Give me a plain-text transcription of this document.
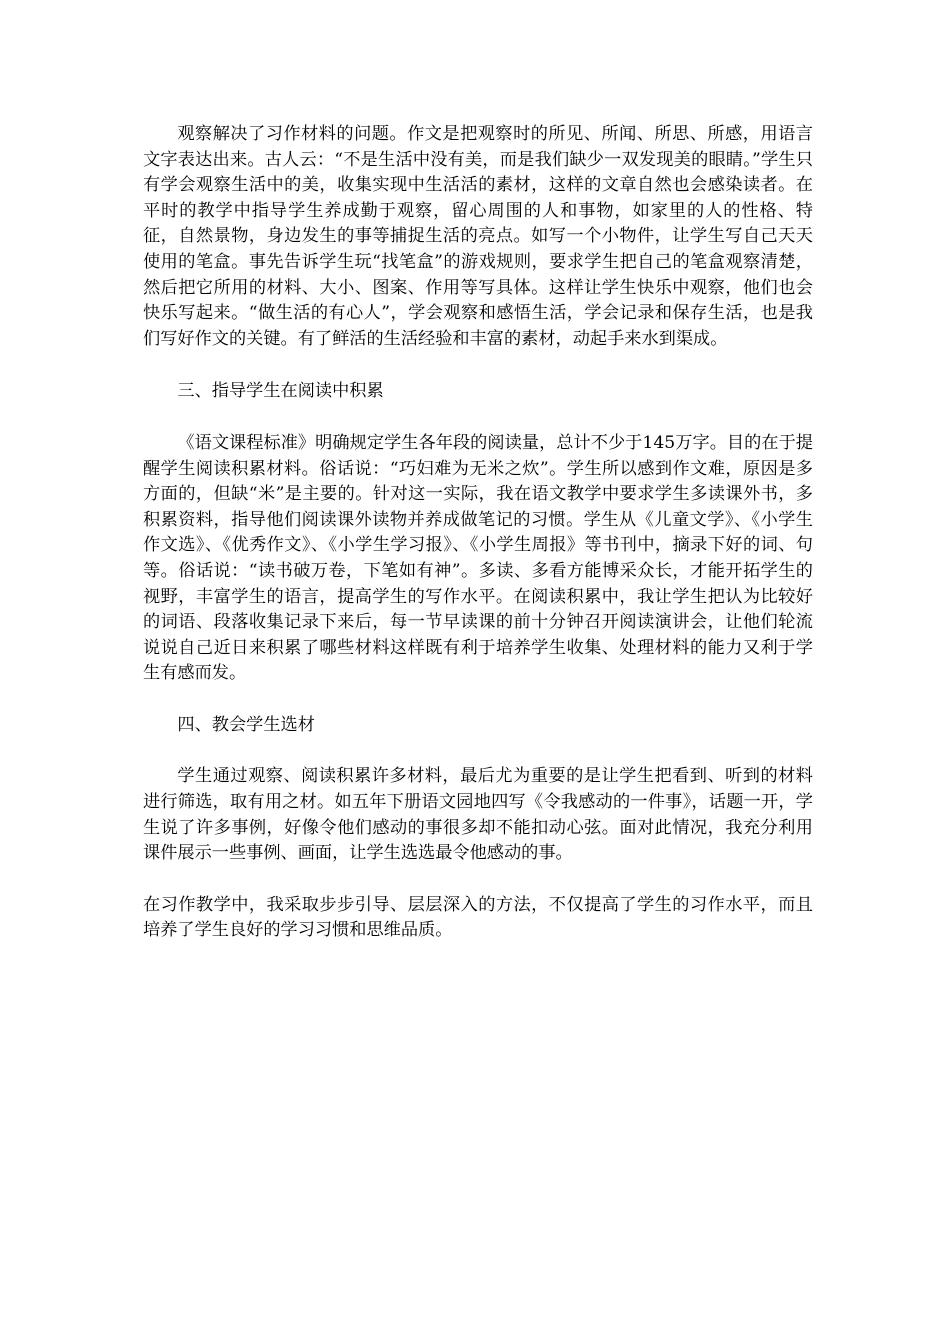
观察解决了习作材料的问题。作文是把观察时的所见、所闻、所思、所感，用语言文字表达出来。古人云：“不是生活中没有美，而是我们缺少一双发现美的眼睛。”学生只有学会观察生活中的美，收集实现中生活活的素材，这样的文章自然也会感染读者。在平时的教学中指导学生养成勤于观察，留心周围的人和事物，如家里的人的性格、特征，自然景物，身边发生的事等捕捉生活的亮点。如写一个小物件，让学生写自己天天使用的笔盒。事先告诉学生玩“找笔盒”的游戏规则，要求学生把自己的笔盒观察清楚，然后把它所用的材料、大小、图案、作用等写具体。这样让学生快乐中观察，他们也会快乐写起来。“做生活的有心人”，学会观察和感悟生活，学会记录和保存生活，也是我们写好作文的关键。有了鲜活的生活经验和丰富的素材，动起手来水到渠成。

三、指导学生在阅读中积累

《语文课程标准》明确规定学生各年段的阅读量，总计不少于145万字。目的在于提醒学生阅读积累材料。俗话说：“巧妇难为无米之炊”。学生所以感到作文难，原因是多方面的，但缺“米”是主要的。针对这一实际，我在语文教学中要求学生多读课外书，多积累资料，指导他们阅读课外读物并养成做笔记的习惯。学生从《儿童文学》、《小学生作文选》、《优秀作文》、《小学生学习报》、《小学生周报》等书刊中，摘录下好的词、句等。俗话说：“读书破万卷，下笔如有神”。多读、多看方能博采众长，才能开拓学生的视野，丰富学生的语言，提高学生的写作水平。在阅读积累中，我让学生把认为比较好的词语、段落收集记录下来后，每一节早读课的前十分钟召开阅读演讲会，让他们轮流说说自己近日来积累了哪些材料这样既有利于培养学生收集、处理材料的能力又利于学生有感而发。

四、教会学生选材

学生通过观察、阅读积累许多材料，最后尤为重要的是让学生把看到、听到的材料进行筛选，取有用之材。如五年下册语文园地四写《令我感动的一件事》，话题一开，学生说了许多事例，好像令他们感动的事很多却不能扣动心弦。面对此情况，我充分利用课件展示一些事例、画面，让学生选选最令他感动的事。

在习作教学中，我采取步步引导、层层深入的方法，不仅提高了学生的习作水平，而且培养了学生良好的学习习惯和思维品质。
